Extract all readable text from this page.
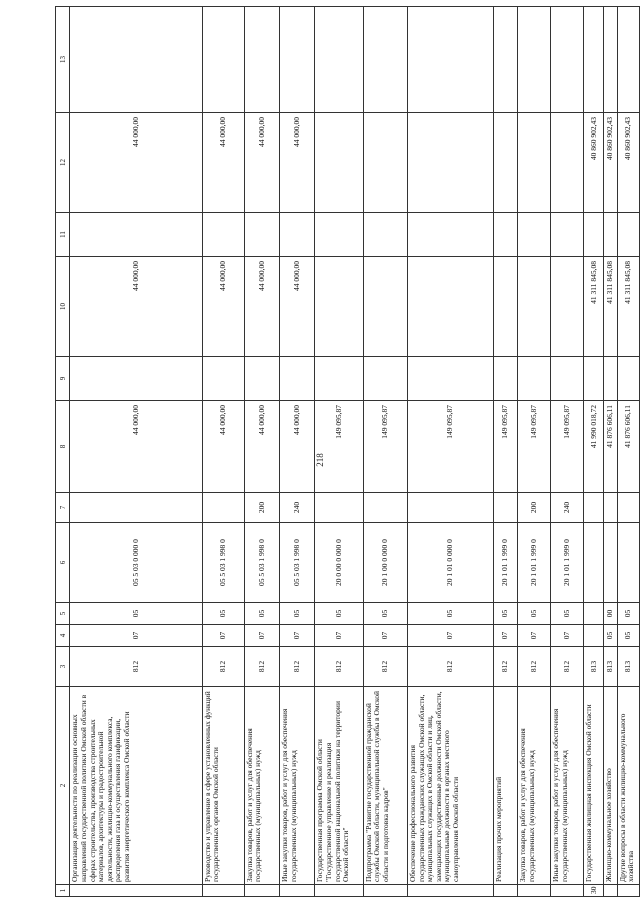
218
1	2	3	4	5	6	7	8	9	10	11	12	13
	Организация деятельности по реализации основных направлений государственной политики Омской области в сферах строительства, производства строительных материалов, архитектуры и градостроительной деятельности, жилищно-коммунального комплекса, распределения газа и осуществления газификации, развития энергетического комплекса Омской области	812	07	05	05 5 03 0 000 0		44 000,00		44 000,00		44 000,00	
	Руководство и управление в сфере установленных функций государственных органов Омской области	812	07	05	05 5 03 1 998 0		44 000,00		44 000,00		44 000,00	
	Закупка товаров, работ и услуг для обеспечения государственных (муниципальных) нужд	812	07	05	05 5 03 1 998 0	200	44 000,00		44 000,00		44 000,00	
	Иные закупки товаров, работ и услуг для обеспечения государственных (муниципальных) нужд	812	07	05	05 5 03 1 998 0	240	44 000,00		44 000,00		44 000,00	
	Государственная программа Омской области "Государственное управление и реализация государственной национальной политики на территории Омской области"	812	07	05	20 0 00 0 000 0		149 095,87					
	Подпрограмма "Развитие государственной гражданской службы Омской области, муниципальной службы в Омской области и подготовка кадров"	812	07	05	20 1 00 0 000 0		149 095,87					
	Обеспечение профессионального развития государственных гражданских служащих Омской области, муниципальных служащих в Омской области и лиц, замещающих государственные должности Омской области, муниципальные должности в органах местного самоуправления Омской области	812	07	05	20 1 01 0 000 0		149 095,87					
	Реализация прочих мероприятий	812	07	05	20 1 01 1 999 0		149 095,87					
	Закупка товаров, работ и услуг для обеспечения государственных (муниципальных) нужд	812	07	05	20 1 01 1 999 0	200	149 095,87					
	Иные закупки товаров, работ и услуг для обеспечения государственных (муниципальных) нужд	812	07	05	20 1 01 1 999 0	240	149 095,87					
30	Государственная жилищная инспекция Омской области	813					41 990 018,72		41 311 845,08		40 860 902,43	
	Жилищно-коммунальное хозяйство	813	05	00			41 876 606,11		41 311 845,08		40 860 902,43	
	Другие вопросы в области жилищно-коммунального хозяйства	813	05	05			41 876 606,11		41 311 845,08		40 860 902,43	
